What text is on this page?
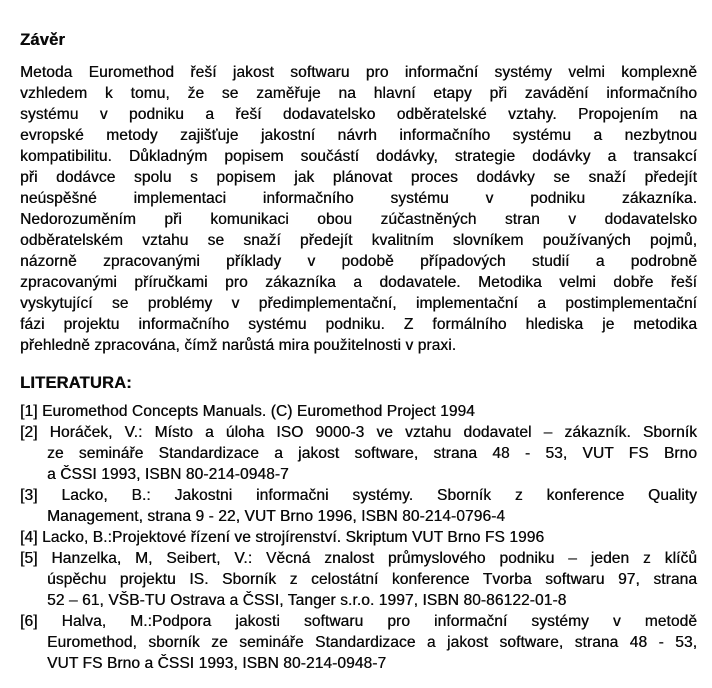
Závěr
Metoda Euromethod řeší jakost softwaru pro informační systémy velmi komplexně
vzhledem k tomu, že se zaměřuje na hlavní etapy při zavádění informačního
systému v podniku a řeší dodavatelsko odběratelské vztahy. Propojením na
evropské metody zajišťuje jakostní návrh informačního systému a nezbytnou
kompatibilitu. Důkladným popisem součástí dodávky, strategie dodávky a transakcí
při dodávce spolu s popisem jak plánovat proces dodávky se snaží předejít
neúspěšné implementaci informačního systému v podniku zákazníka.
Nedorozuměním při komunikaci obou zúčastněných stran v dodavatelsko
odběratelském vztahu se snaží předejít kvalitním slovníkem používaných pojmů,
názorně zpracovanými příklady v podobě případových studií a podrobně
zpracovanými příručkami pro zákazníka a dodavatele. Metodika velmi dobře řeší
vyskytující se problémy v předimplementační, implementační a postimplementační
fázi projektu informačního systému podniku. Z formálního hlediska je metodika
přehledně zpracována, čímž narůstá mira použitelnosti v praxi.
LITERATURA:
[1] Euromethod Concepts Manuals. (C) Euromethod Project 1994
[2] Horáček, V.: Místo a úloha ISO 9000-3 ve vztahu dodavatel – zákazník. Sborník
ze semináře Standardizace a jakost software, strana 48 - 53, VUT FS Brno
a ČSSI 1993, ISBN 80-214-0948-7
[3] Lacko, B.: Jakostni informačni systémy. Sborník z konference Quality
Management, strana 9 - 22, VUT Brno 1996, ISBN 80-214-0796-4
[4] Lacko, B.:Projektové řízení ve strojírenství. Skriptum VUT Brno FS 1996
[5] Hanzelka, M, Seibert, V.: Věcná znalost průmyslového podniku – jeden z klíčů
úspěchu projektu IS. Sborník z celostátní konference Tvorba softwaru 97, strana
52 – 61, VŠB-TU Ostrava a ČSSI, Tanger s.r.o. 1997, ISBN 80-86122-01-8
[6] Halva, M.:Podpora jakosti softwaru pro informační systémy v metodě
Euromethod, sborník ze semináře Standardizace a jakost software, strana 48 - 53,
VUT FS Brno a ČSSI 1993, ISBN 80-214-0948-7
